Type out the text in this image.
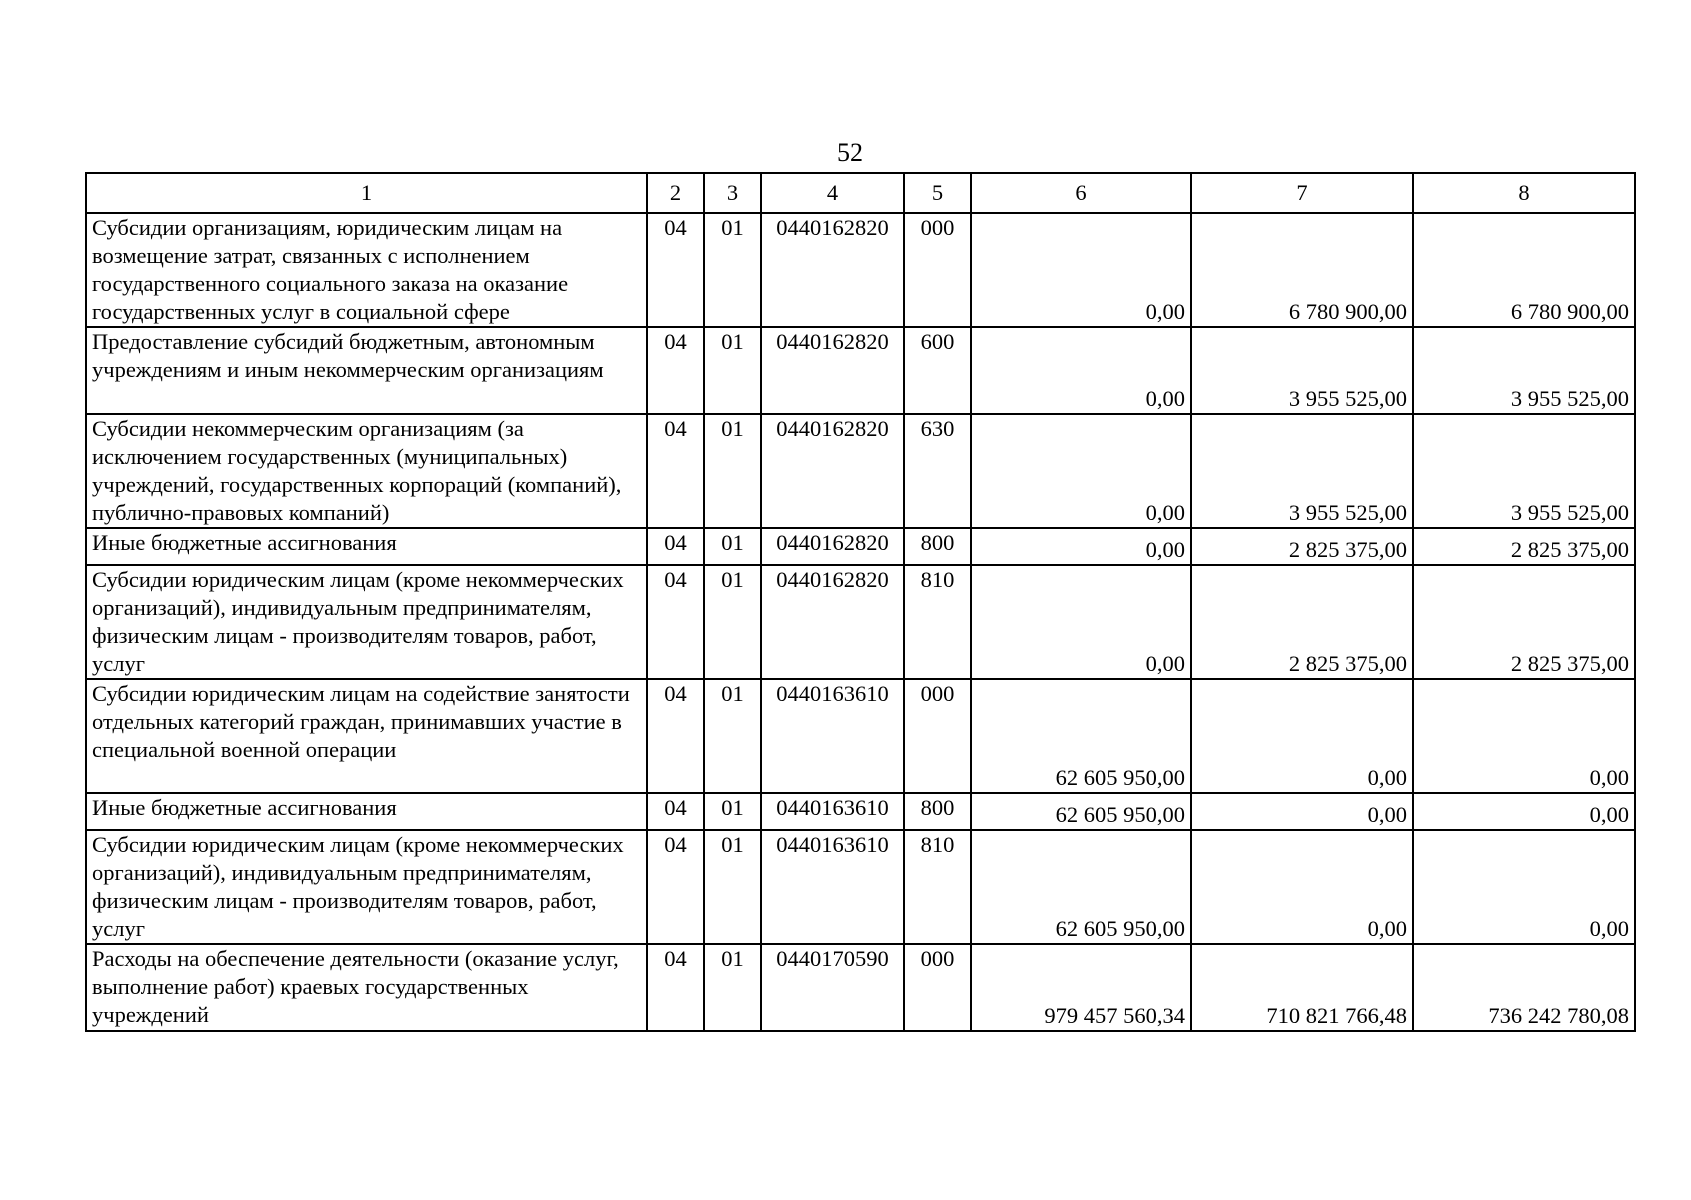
52
1	2	3	4	5	6	7	8
Субсидии организациям, юридическим лицам на возмещение затрат, связанных с исполнением государственного социального заказа на оказание государственных услуг в социальной сфере	04	01	0440162820	000	0,00	6 780 900,00	6 780 900,00
Предоставление субсидий бюджетным, автономным учреждениям и иным некоммерческим организациям	04	01	0440162820	600	0,00	3 955 525,00	3 955 525,00
Субсидии некоммерческим организациям (за исключением государственных (муниципальных) учреждений, государственных корпораций (компаний), публично-правовых компаний)	04	01	0440162820	630	0,00	3 955 525,00	3 955 525,00
Иные бюджетные ассигнования	04	01	0440162820	800	0,00	2 825 375,00	2 825 375,00
Субсидии юридическим лицам (кроме некоммерческих организаций), индивидуальным предпринимателям, физическим лицам - производителям товаров, работ, услуг	04	01	0440162820	810	0,00	2 825 375,00	2 825 375,00
Субсидии юридическим лицам на содействие занятости отдельных категорий граждан, принимавших участие в специальной военной операции	04	01	0440163610	000	62 605 950,00	0,00	0,00
Иные бюджетные ассигнования	04	01	0440163610	800	62 605 950,00	0,00	0,00
Субсидии юридическим лицам (кроме некоммерческих организаций), индивидуальным предпринимателям, физическим лицам - производителям товаров, работ, услуг	04	01	0440163610	810	62 605 950,00	0,00	0,00
Расходы на обеспечение деятельности (оказание услуг, выполнение работ) краевых государственных учреждений	04	01	0440170590	000	979 457 560,34	710 821 766,48	736 242 780,08
